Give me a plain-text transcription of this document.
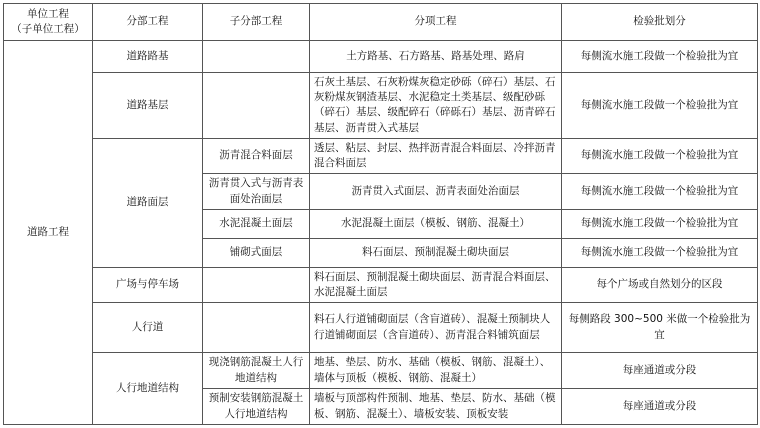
单位工程
（子单位工程）	分部工程	子分部工程	分项工程	检验批划分
道路工程	道路路基		土方路基、石方路基、路基处理、路肩	每侧流水施工段做一个检验批为宜
	道路基层		石灰土基层、石灰粉煤灰稳定砂砾（碎石）基层、石灰粉煤灰钢渣基层、水泥稳定土类基层、级配砂砾（碎石）基层、级配碎石（碎砾石）基层、沥青碎石基层、沥青贯入式基层	每侧流水施工段做一个检验批为宜
	道路面层	沥青混合料面层	透层、粘层、封层、热拌沥青混合料面层、冷拌沥青混合料面层	每侧流水施工段做一个检验批为宜
		沥青贯入式与沥青表面处治面层	沥青贯入式面层、沥青表面处治面层	每侧流水施工段做一个检验批为宜
		水泥混凝土面层	水泥混凝土面层（模板、钢筋、混凝土）	每侧流水施工段做一个检验批为宜
		铺砌式面层	料石面层、预制混凝土砌块面层	每侧流水施工段做一个检验批为宜
	广场与停车场		料石面层、预制混凝土砌块面层、沥青混合料面层、水泥混凝土面层	每个广场或自然划分的区段
	人行道		料石人行道铺砌面层（含盲道砖）、混凝土预制块人行道铺砌面层（含盲道砖）、沥青混合料铺筑面层	每侧路段 300~500 米做一个检验批为宜
	人行地道结构	现浇钢筋混凝土人行地道结构	地基、垫层、防水、基础（模板、钢筋、混凝土）、墙体与顶板（模板、钢筋、混凝土）	每座通道或分段
		预制安装钢筋混凝土人行地道结构	墙板与顶部构件预制、地基、垫层、防水、基础（模板、钢筋、混凝土）、墙板安装、顶板安装	每座通道或分段
